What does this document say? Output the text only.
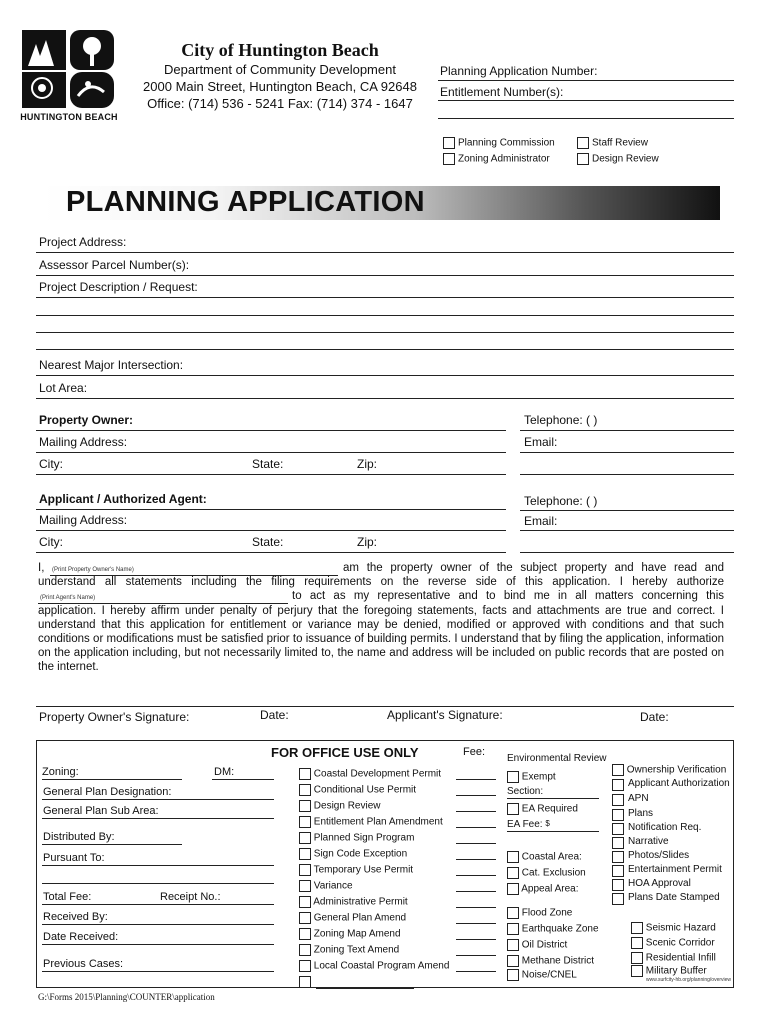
HUNTINGTON BEACH
City of Huntington Beach
Department of Community Development
2000 Main Street, Huntington Beach, CA 92648
Office: (714) 536 - 5241 Fax: (714) 374 - 1647
Planning Application Number:
Entitlement Number(s):
Planning Commission	Staff Review
Zoning Administrator	Design Review
PLANNING APPLICATION
Project Address:
Assessor Parcel Number(s):
Project Description / Request:
Nearest Major Intersection:
Lot Area:
Property Owner:
Mailing Address:
City:	State:	Zip:
Telephone: ( )
Email:
Applicant / Authorized Agent:
Mailing Address:
City:	State:	Zip:
Telephone: ( )
Email:
I, (Print Property Owner's Name)	am the property owner of the subject property and have read and
understand all statements including the filing requirements on the reverse side of this application. I hereby authorize
(Print Agent's Name)	to act as my representative and to bind me in all matters concerning this
application. I hereby affirm under penalty of perjury that the foregoing statements, facts and attachments are true and correct. I understand that this application for entitlement or variance may be denied, modified or approved with conditions and that such conditions or modifications must be satisfied prior to issuance of building permits. I understand that by filing the application, information on the application including, but not necessarily limited to, the name and address will be included on public records that are posted on the internet.
Property Owner's Signature:	Date:	Applicant's Signature:	Date:
FOR OFFICE USE ONLY	Fee:
Zoning:	DM:
General Plan Designation:
General Plan Sub Area:
Distributed By:
Pursuant To:
Total Fee:	Receipt No.:
Received By:
Date Received:
Previous Cases:
Coastal Development Permit
Conditional Use Permit
Design Review
Entitlement Plan Amendment
Planned Sign Program
Sign Code Exception
Temporary Use Permit
Variance
Administrative Permit
General Plan Amend
Zoning Map Amend
Zoning Text Amend
Local Coastal Program Amend
Environmental Review
Exempt
Section:
EA Required
EA Fee: $
Coastal Area:
Cat. Exclusion
Appeal Area:
Flood Zone
Earthquake Zone
Oil District
Methane District
Noise/CNEL
Ownership Verification
Applicant Authorization
APN
Plans
Notification Req.
Narrative
Photos/Slides
Entertainment Permit
HOA Approval
Plans Date Stamped
Seismic Hazard
Scenic Corridor
Residential Infill
Military Buffer
www.surfcity-hb.org/planning/overview
G:\Forms 2015\Planning\COUNTER\application
